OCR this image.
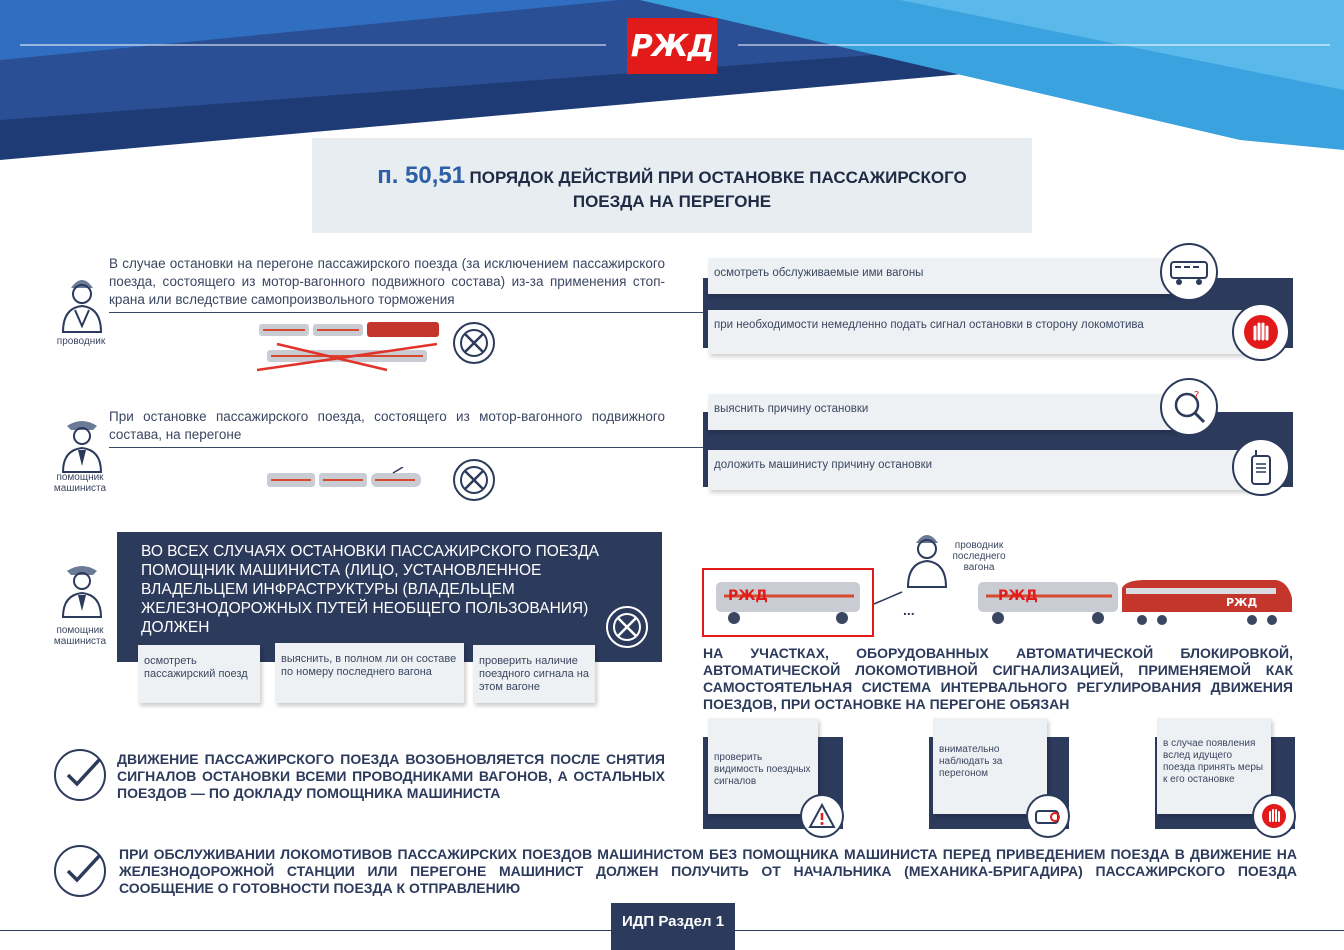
РЖД
п. 50,51 ПОРЯДОК ДЕЙСТВИЙ ПРИ ОСТАНОВКЕ ПАССАЖИРСКОГО
ПОЕЗДА НА ПЕРЕГОНЕ
проводник
В случае остановки на перегоне пассажирского поезда (за исключением пассажирского поезда, состоящего из мотор-вагонного подвижного состава) из-за применения стоп-крана или вследствие самопроизвольного торможения
осмотреть обслуживаемые ими вагоны
при необходимости немедленно подать сигнал остановки в сторону локомотива
помощник машиниста
При остановке пассажирского поезда, состоящего из мотор-вагонного подвижного состава, на перегоне
выяснить причину остановки
доложить машинисту причину остановки
?
помощник машиниста
ВО ВСЕХ СЛУЧАЯХ ОСТАНОВКИ ПАССАЖИРСКОГО ПОЕЗДА ПОМОЩНИК МАШИНИСТА (ЛИЦО, УСТАНОВЛЕННОЕ ВЛАДЕЛЬЦЕМ ИНФРАСТРУКТУРЫ (ВЛАДЕЛЬЦЕМ ЖЕЛЕЗНОДОРОЖНЫХ ПУТЕЙ НЕОБЩЕГО ПОЛЬЗОВАНИЯ) ДОЛЖЕН
осмотреть пассажирский поезд
выяснить, в полном ли он составе по номеру последнего вагона
проверить наличие поездного сигнала на этом вагоне
проводник последнего вагона
РЖД
...
РЖД	РЖД
НА УЧАСТКАХ, ОБОРУДОВАННЫХ АВТОМАТИЧЕСКОЙ БЛОКИРОВКОЙ, АВТОМАТИЧЕСКОЙ ЛОКОМОТИВНОЙ СИГНАЛИЗАЦИЕЙ, ПРИМЕНЯЕМОЙ КАК САМОСТОЯТЕЛЬНАЯ СИСТЕМА ИНТЕРВАЛЬНОГО РЕГУЛИРОВАНИЯ ДВИЖЕНИЯ ПОЕЗДОВ, ПРИ ОСТАНОВКЕ НА ПЕРЕГОНЕ ОБЯЗАН
проверить видимость поездных сигналов
внимательно наблюдать за перегоном
в случае появления вслед идущего поезда принять меры к его остановке
ДВИЖЕНИЕ ПАССАЖИРСКОГО ПОЕЗДА ВОЗОБНОВЛЯЕТСЯ ПОСЛЕ СНЯТИЯ СИГНАЛОВ ОСТАНОВКИ ВСЕМИ ПРОВОДНИКАМИ ВАГОНОВ, А ОСТАЛЬНЫХ ПОЕЗДОВ — ПО ДОКЛАДУ ПОМОЩНИКА МАШИНИСТА
ПРИ ОБСЛУЖИВАНИИ ЛОКОМОТИВОВ ПАССАЖИРСКИХ ПОЕЗДОВ МАШИНИСТОМ БЕЗ ПОМОЩНИКА МАШИНИСТА ПЕРЕД ПРИВЕДЕНИЕМ ПОЕЗДА В ДВИЖЕНИЕ НА ЖЕЛЕЗНОДОРОЖНОЙ СТАНЦИИ ИЛИ ПЕРЕГОНЕ МАШИНИСТ ДОЛЖЕН ПОЛУЧИТЬ ОТ НАЧАЛЬНИКА (МЕХАНИКА-БРИГАДИРА) ПАССАЖИРСКОГО ПОЕЗДА СООБЩЕНИЕ О ГОТОВНОСТИ ПОЕЗДА К ОТПРАВЛЕНИЮ
ИДП Раздел 1
